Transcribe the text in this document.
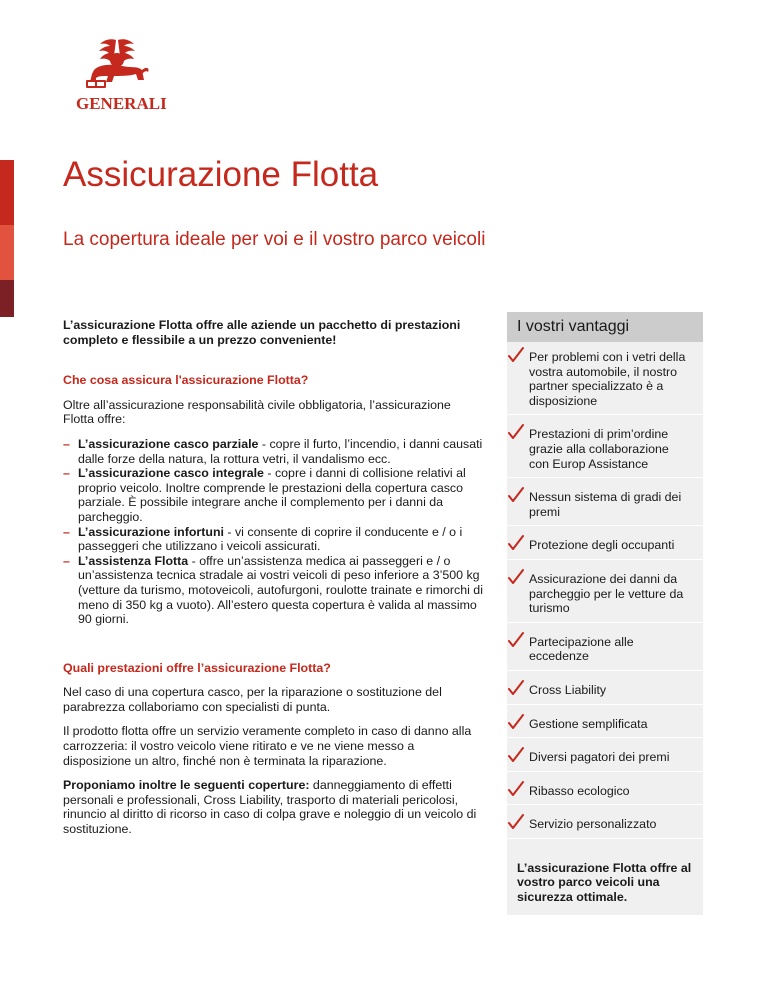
GENERALI
Assicurazione Flotta
La copertura ideale per voi e il vostro parco veicoli

L’assicurazione Flotta offre alle aziende un pacchetto di prestazioni completo e flessibile a un prezzo conveniente!

Che cosa assicura l'assicurazione Flotta?

Oltre all’assicurazione responsabilità civile obbligatoria, l’assicurazione Flotta offre:

– L’assicurazione casco parziale - copre il furto, l’incendio, i danni causati dalle forze della natura, la rottura vetri, il vandalismo ecc.
– L’assicurazione casco integrale - copre i danni di collisione relativi al proprio veicolo. Inoltre comprende le prestazioni della copertura casco parziale. È possibile integrare anche il complemento per i danni da parcheggio.
– L’assicurazione infortuni - vi consente di coprire il conducente e / o i passeggeri che utilizzano i veicoli assicurati.
– L’assistenza Flotta - offre un’assistenza medica ai passeggeri e / o un’assistenza tecnica stradale ai vostri veicoli di peso inferiore a 3’500 kg (vetture da turismo, motoveicoli, autofurgoni, roulotte trainate e rimorchi di meno di 350 kg a vuoto). All’estero questa copertura è valida al massimo 90 giorni.

Quali prestazioni offre l’assicurazione Flotta?

Nel caso di una copertura casco, per la riparazione o sostituzione del parabrezza collaboriamo con specialisti di punta.

Il prodotto flotta offre un servizio veramente completo in caso di danno alla carrozzeria: il vostro veicolo viene ritirato e ve ne viene messo a disposizione un altro, finché non è terminata la riparazione.

Proponiamo inoltre le seguenti coperture: danneggiamento di effetti personali e professionali, Cross Liability, trasporto di materiali pericolosi, rinuncio al diritto di ricorso in caso di colpa grave e noleggio di un veicolo di sostituzione.

I vostri vantaggi
Per problemi con i vetri della vostra automobile, il nostro partner specializzato è a disposizione
Prestazioni di prim’ordine grazie alla collaborazione con Europ Assistance
Nessun sistema di gradi dei premi
Protezione degli occupanti
Assicurazione dei danni da parcheggio per le vetture da turismo
Partecipazione alle eccedenze
Cross Liability
Gestione semplificata
Diversi pagatori dei premi
Ribasso ecologico
Servizio personalizzato
L’assicurazione Flotta offre al vostro parco veicoli una sicurezza ottimale.
